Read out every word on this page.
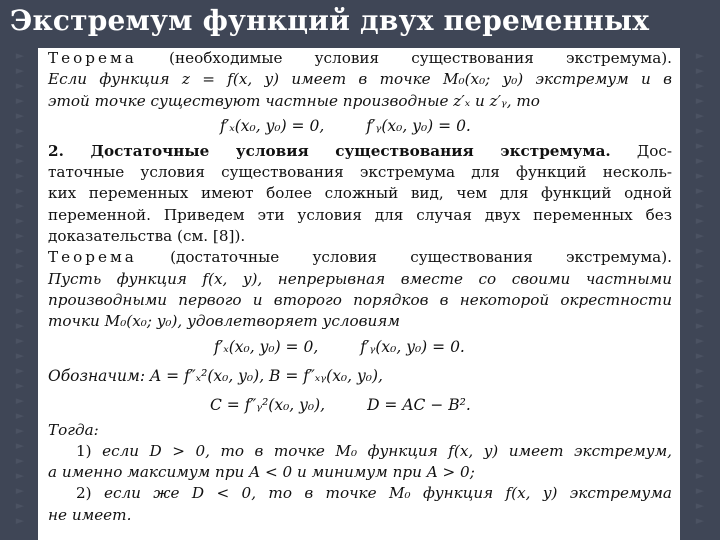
►
►
►
►
►
►
►
►
►
►
►
►
►
►
►
►
►
►
►
►
►
►
►
►
►
►
►
►
►
►
►
►
►
►
►
►
►
►
►
►
►
►
►
►
►
►
►
►
►
►
►
►
►
►
►
►
►
►
►
►
►
►
►
►
Экстремум функций двух переменных
Теорема (необходимые условия существования экстремума).
Если функция z = f(x, y) имеет в точке M₀(x₀; y₀) экстремум и в
этой точке существуют частные производные z′ₓ и z′ᵧ, то
f′ₓ(x₀, y₀) = 0,	f′ᵧ(x₀, y₀) = 0.
2. Достаточные условия существования экстремума. Дос-
таточные условия существования экстремума для функций несколь-
ких переменных имеют более сложный вид, чем для функций одной
переменной. Приведем эти условия для случая двух переменных без
доказательства (см. [8]).
Теорема (достаточные условия существования экстремума).
Пусть функция f(x, y), непрерывная вместе со своими частными
производными первого и второго порядков в некоторой окрестности
точки M₀(x₀; y₀), удовлетворяет условиям
f′ₓ(x₀, y₀) = 0,	f′ᵧ(x₀, y₀) = 0.
Обозначим: A = f″ₓ²(x₀, y₀), B = f″ₓᵧ(x₀, y₀),
C = f″ᵧ²(x₀, y₀),	D = AC − B².
Тогда:
1) если D > 0, то в точке M₀ функция f(x, y) имеет экстремум,
а именно максимум при A < 0 и минимум при A > 0;
2) если же D < 0, то в точке M₀ функция f(x, y) экстремума
не имеет.
